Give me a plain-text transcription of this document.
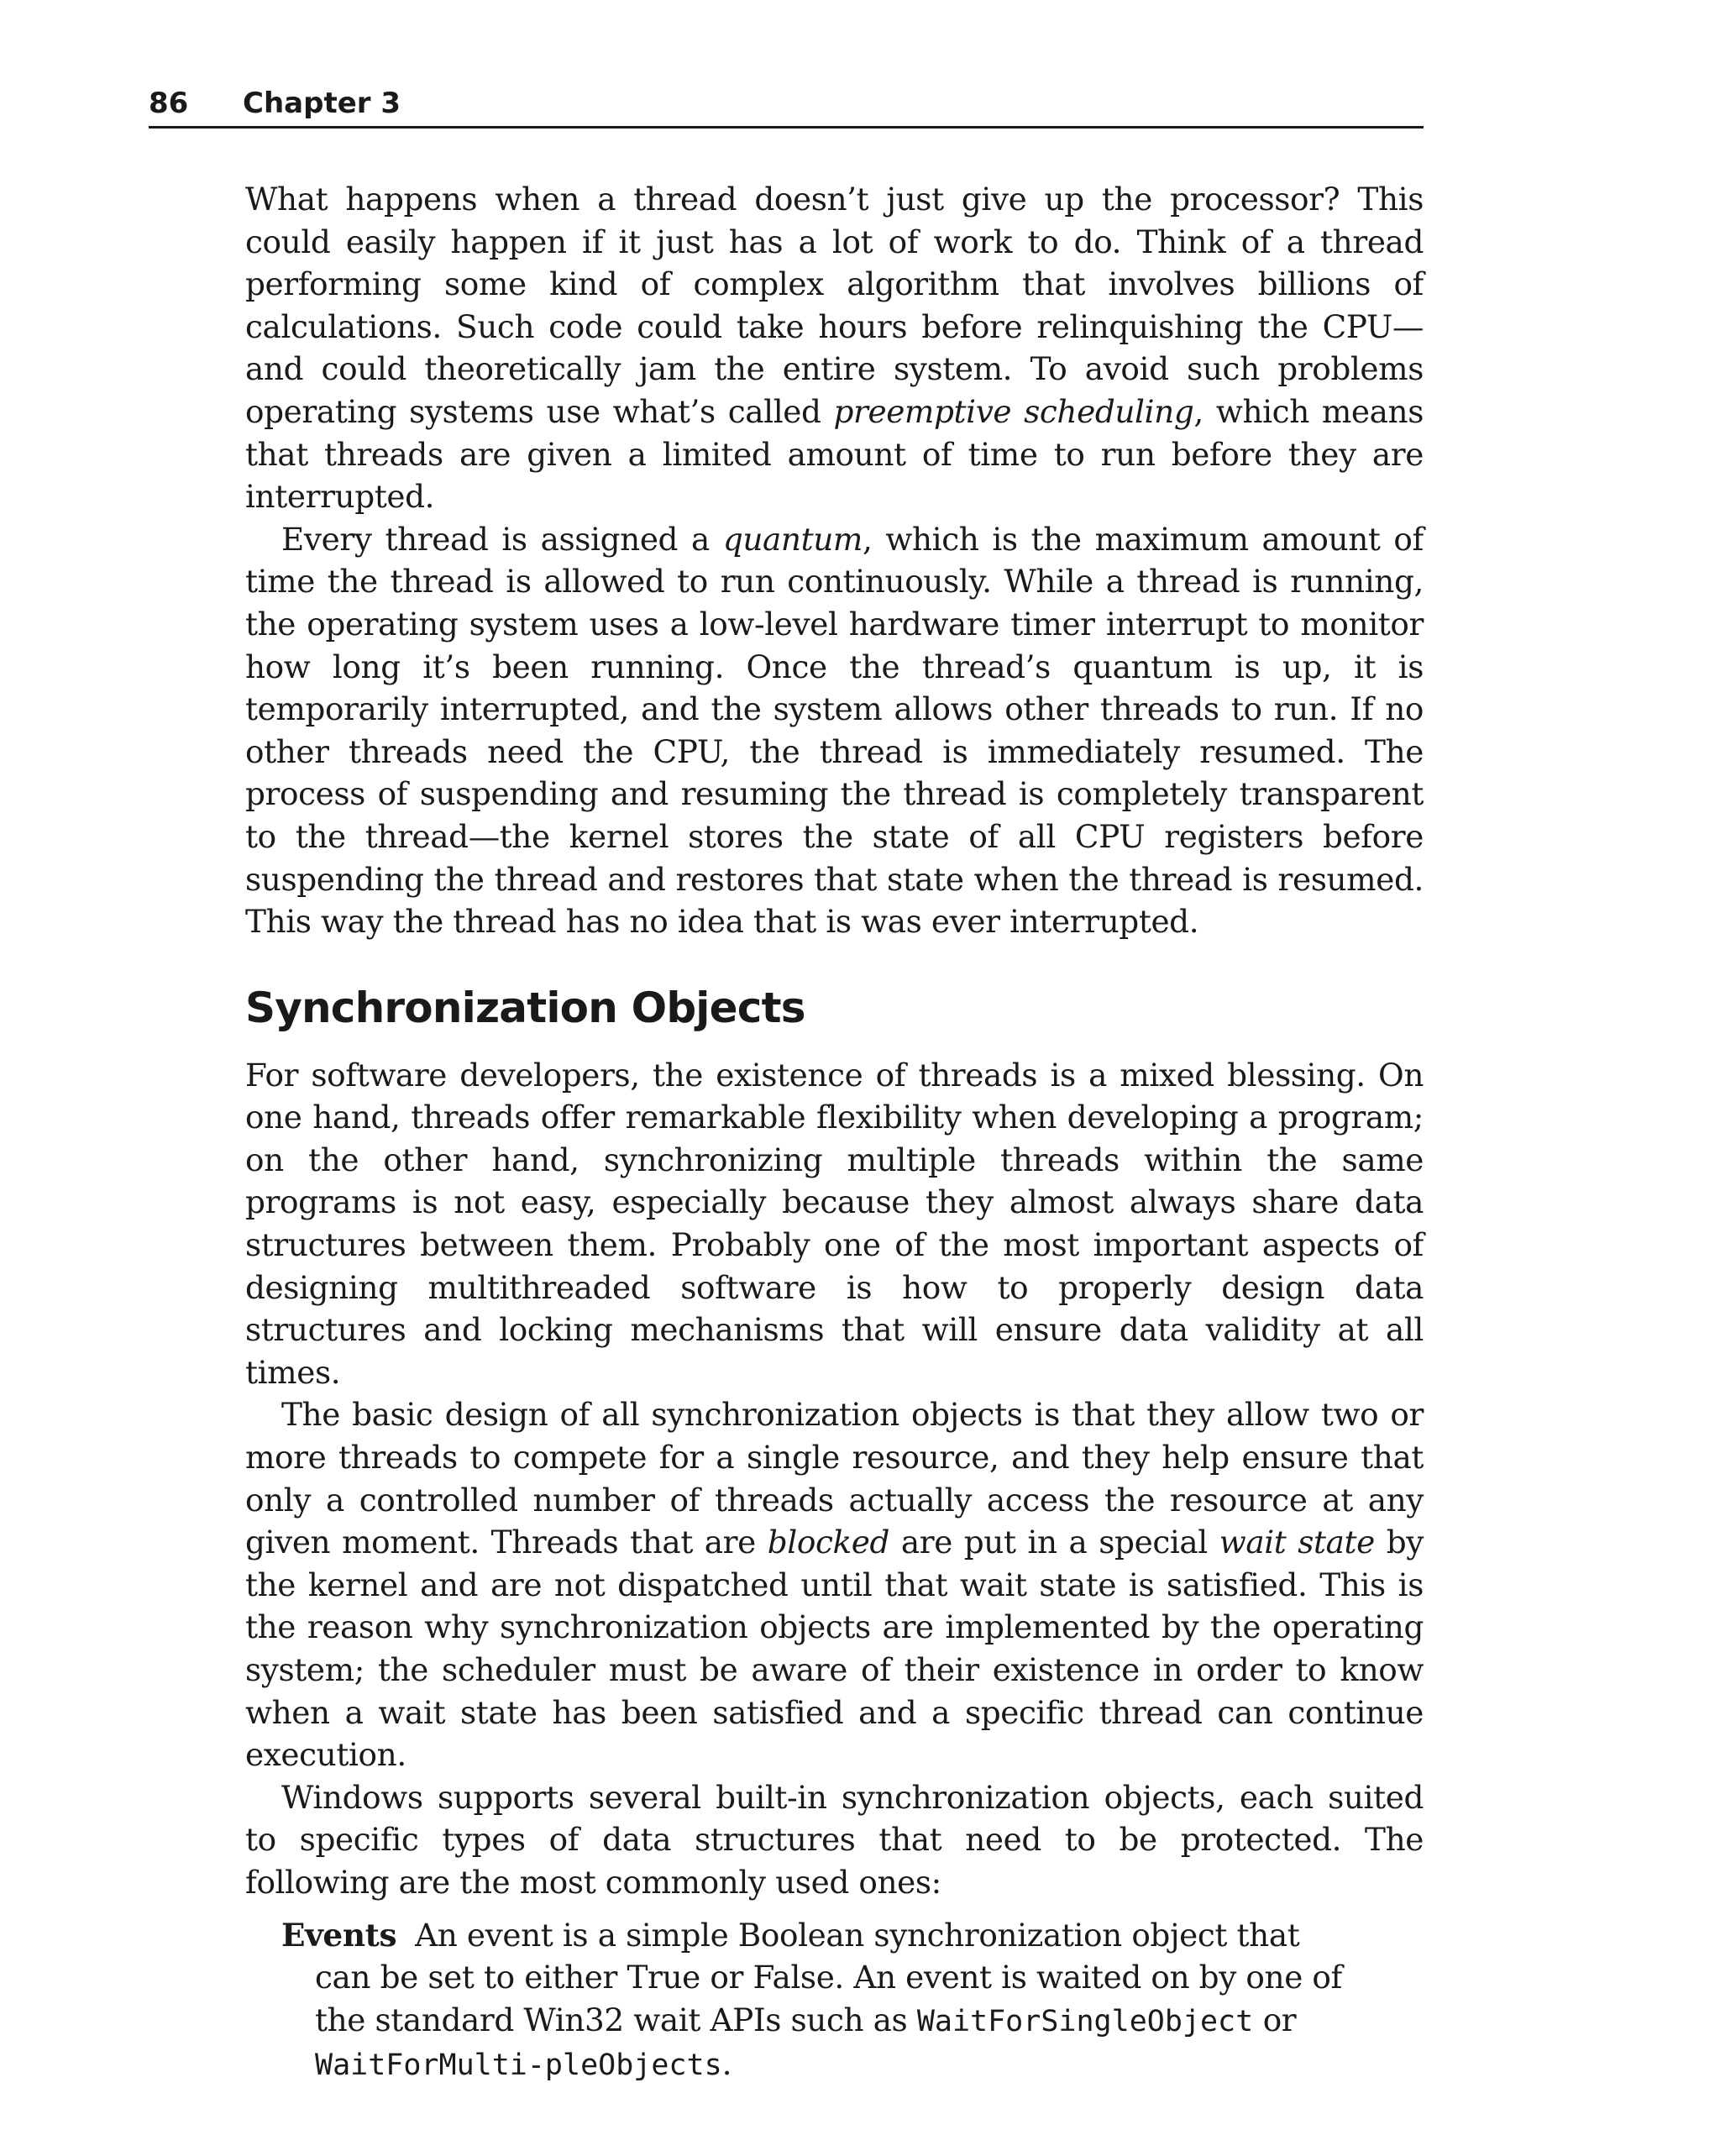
86 Chapter 3

What happens when a thread doesn’t just give up the processor? This could easily happen if it just has a lot of work to do. Think of a thread performing some kind of complex algorithm that involves billions of calculations. Such code could take hours before relinquishing the CPU—and could theoretically jam the entire system. To avoid such problems operating systems use what’s called preemptive scheduling, which means that threads are given a limited amount of time to run before they are interrupted.

Every thread is assigned a quantum, which is the maximum amount of time the thread is allowed to run continuously. While a thread is running, the operating system uses a low-level hardware timer interrupt to monitor how long it’s been running. Once the thread’s quantum is up, it is temporarily interrupted, and the system allows other threads to run. If no other threads need the CPU, the thread is immediately resumed. The process of suspending and resuming the thread is completely transparent to the thread—the kernel stores the state of all CPU registers before suspending the thread and restores that state when the thread is resumed. This way the thread has no idea that is was ever interrupted.

Synchronization Objects

For software developers, the existence of threads is a mixed blessing. On one hand, threads offer remarkable flexibility when developing a program; on the other hand, synchronizing multiple threads within the same programs is not easy, especially because they almost always share data structures between them. Probably one of the most important aspects of designing multithreaded software is how to properly design data structures and locking mechanisms that will ensure data validity at all times.

The basic design of all synchronization objects is that they allow two or more threads to compete for a single resource, and they help ensure that only a controlled number of threads actually access the resource at any given moment. Threads that are blocked are put in a special wait state by the kernel and are not dispatched until that wait state is satisfied. This is the reason why synchronization objects are implemented by the operating system; the scheduler must be aware of their existence in order to know when a wait state has been satisfied and a specific thread can continue execution.

Windows supports several built-in synchronization objects, each suited to specific types of data structures that need to be protected. The following are the most commonly used ones:

Events An event is a simple Boolean synchronization object that can be set to either True or False. An event is waited on by one of the standard Win32 wait APIs such as WaitForSingleObject or WaitForMulti-pleObjects.
